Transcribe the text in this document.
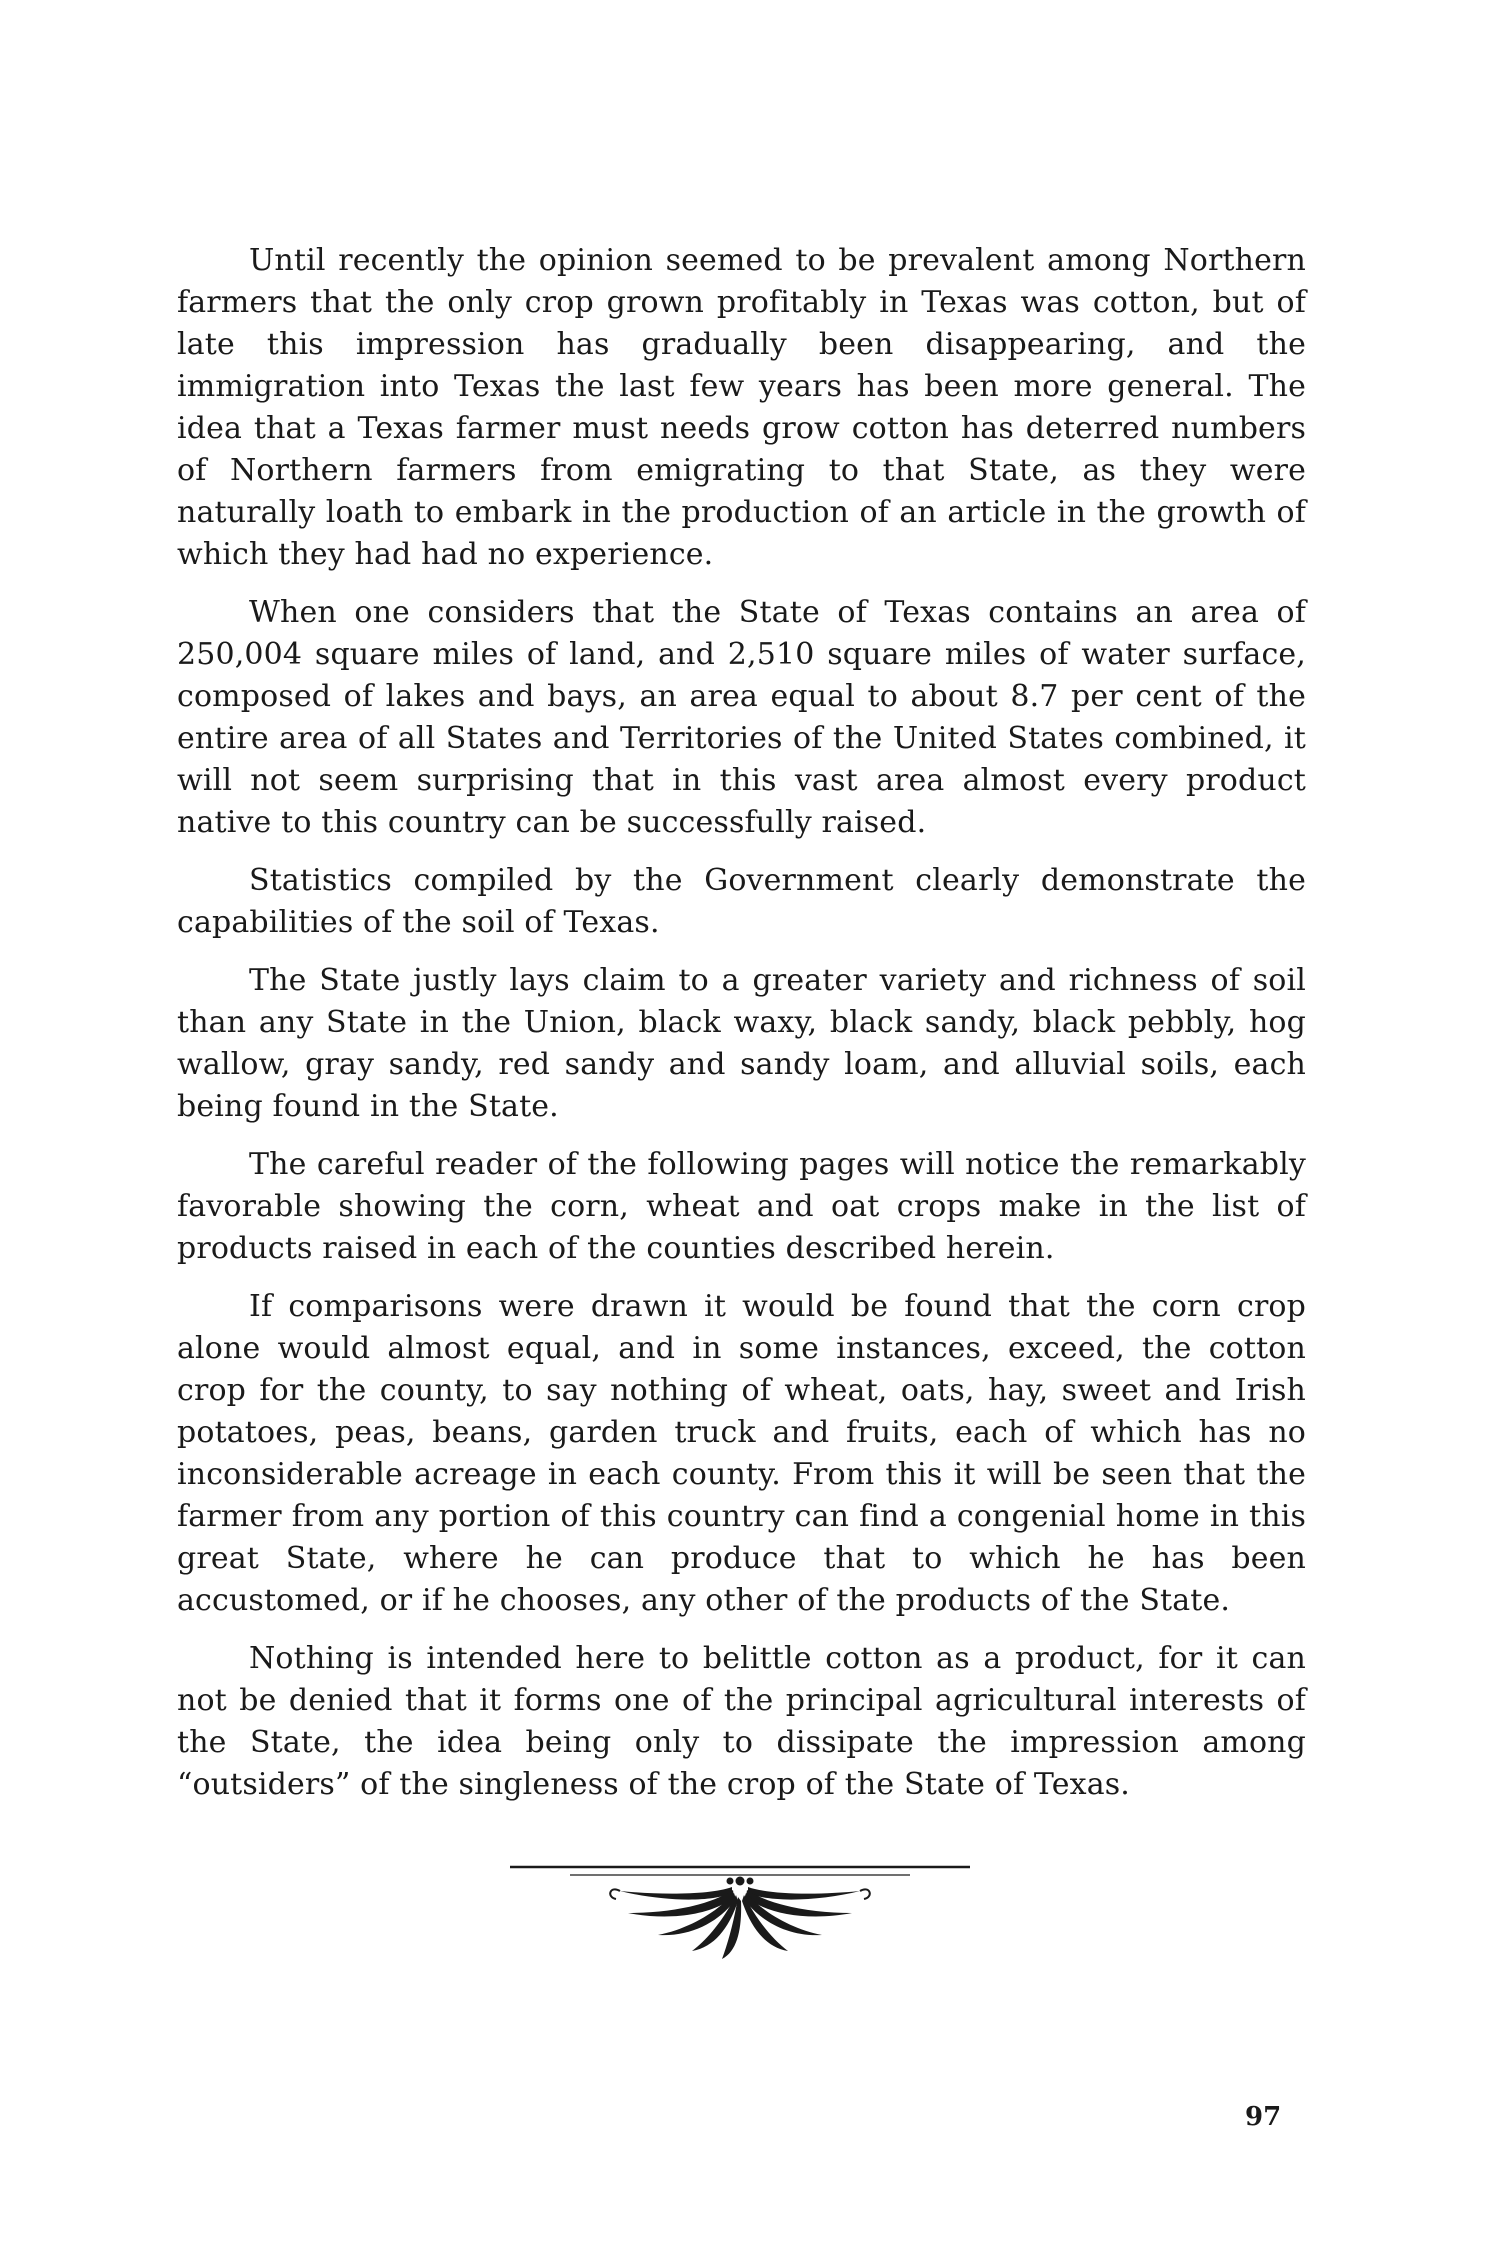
Until recently the opinion seemed to be prevalent among Northern farmers that the only crop grown profitably in Texas was cotton, but of late this impression has gradually been disappearing, and the immigration into Texas the last few years has been more general. The idea that a Texas farmer must needs grow cotton has deterred numbers of Northern farmers from emigrating to that State, as they were naturally loath to embark in the production of an article in the growth of which they had had no experience.

When one considers that the State of Texas contains an area of 250,004 square miles of land, and 2,510 square miles of water surface, composed of lakes and bays, an area equal to about 8.7 per cent of the entire area of all States and Territories of the United States combined, it will not seem surprising that in this vast area almost every product native to this country can be successfully raised.

Statistics compiled by the Government clearly demonstrate the capabilities of the soil of Texas.

The State justly lays claim to a greater variety and richness of soil than any State in the Union, black waxy, black sandy, black pebbly, hog wallow, gray sandy, red sandy and sandy loam, and alluvial soils, each being found in the State.

The careful reader of the following pages will notice the remarkably favorable showing the corn, wheat and oat crops make in the list of products raised in each of the counties described herein.

If comparisons were drawn it would be found that the corn crop alone would almost equal, and in some instances, exceed, the cotton crop for the county, to say nothing of wheat, oats, hay, sweet and Irish potatoes, peas, beans, garden truck and fruits, each of which has no inconsiderable acreage in each county. From this it will be seen that the farmer from any portion of this country can find a congenial home in this great State, where he can produce that to which he has been accustomed, or if he chooses, any other of the products of the State.

Nothing is intended here to belittle cotton as a product, for it can not be denied that it forms one of the principal agricultural interests of the State, the idea being only to dissipate the impression among “outsiders” of the singleness of the crop of the State of Texas.

97
